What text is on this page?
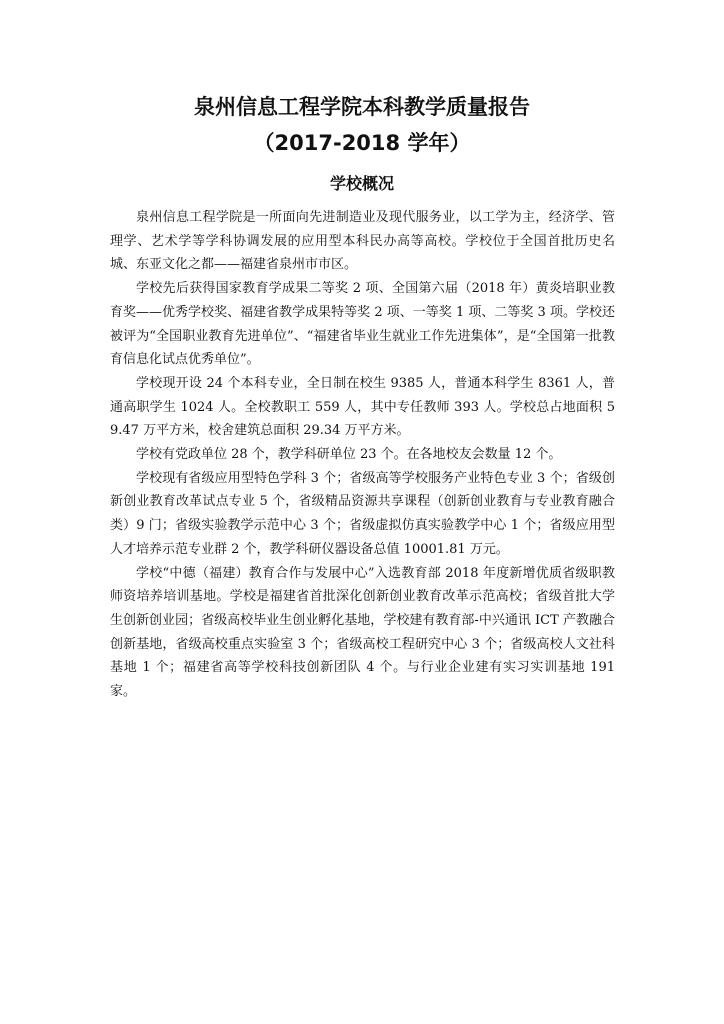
泉州信息工程学院本科教学质量报告
（2017-2018 学年）
学校概况

泉州信息工程学院是一所面向先进制造业及现代服务业，以工学为主，经济学、管理学、艺术学等学科协调发展的应用型本科民办高等高校。学校位于全国首批历史名城、东亚文化之都——福建省泉州市市区。

学校先后获得国家教育学成果二等奖 2 项、全国第六届（2018 年）黄炎培职业教育奖——优秀学校奖、福建省教学成果特等奖 2 项、一等奖 1 项、二等奖 3 项。学校还被评为“全国职业教育先进单位”、“福建省毕业生就业工作先进集体”，是“全国第一批教育信息化试点优秀单位”。

学校现开设 24 个本科专业，全日制在校生 9385 人，普通本科学生 8361 人，普通高职学生 1024 人。全校教职工 559 人，其中专任教师 393 人。学校总占地面积 59.47 万平方米，校舍建筑总面积 29.34 万平方米。

学校有党政单位 28 个，教学科研单位 23 个。在各地校友会数量 12 个。

学校现有省级应用型特色学科 3 个；省级高等学校服务产业特色专业 3 个；省级创新创业教育改革试点专业 5 个，省级精品资源共享课程（创新创业教育与专业教育融合类）9 门；省级实验教学示范中心 3 个；省级虚拟仿真实验教学中心 1 个；省级应用型人才培养示范专业群 2 个，教学科研仪器设备总值 10001.81 万元。

学校“中德（福建）教育合作与发展中心”入选教育部 2018 年度新增优质省级职教师资培养培训基地。学校是福建省首批深化创新创业教育改革示范高校；省级首批大学生创新创业园；省级高校毕业生创业孵化基地，学校建有教育部-中兴通讯 ICT 产教融合创新基地，省级高校重点实验室 3 个；省级高校工程研究中心 3 个；省级高校人文社科基地 1 个；福建省高等学校科技创新团队 4 个。与行业企业建有实习实训基地 191 家。
